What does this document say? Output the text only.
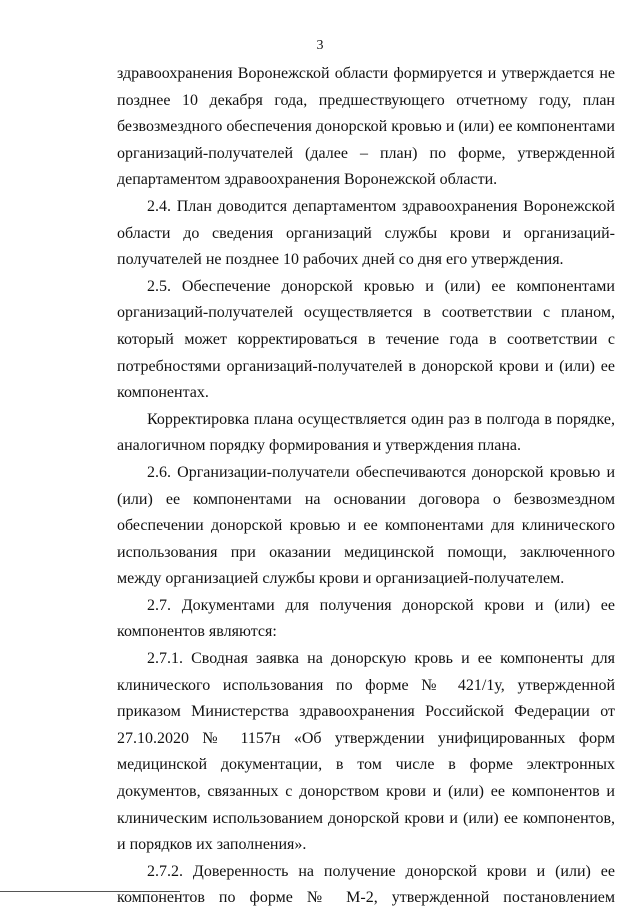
3

здравоохранения Воронежской области формируется и утверждается не позднее 10 декабря года, предшествующего отчетному году, план безвозмездного обеспечения донорской кровью и (или) ее компонентами организаций-получателей (далее – план) по форме, утвержденной департаментом здравоохранения Воронежской области.

2.4. План доводится департаментом здравоохранения Воронежской области до сведения организаций службы крови и организаций-получателей не позднее 10 рабочих дней со дня его утверждения.

2.5. Обеспечение донорской кровью и (или) ее компонентами организаций-получателей осуществляется в соответствии с планом, который может корректироваться в течение года в соответствии с потребностями организаций-получателей в донорской крови и (или) ее компонентах.

Корректировка плана осуществляется один раз в полгода в порядке, аналогичном порядку формирования и утверждения плана.

2.6. Организации-получатели обеспечиваются донорской кровью и (или) ее компонентами на основании договора о безвозмездном обеспечении донорской кровью и ее компонентами для клинического использования при оказании медицинской помощи, заключенного между организацией службы крови и организацией-получателем.

2.7. Документами для получения донорской крови и (или) ее компонентов являются:

2.7.1. Сводная заявка на донорскую кровь и ее компоненты для клинического использования по форме № 421/1у, утвержденной приказом Министерства здравоохранения Российской Федерации от 27.10.2020 № 1157н «Об утверждении унифицированных форм медицинской документации, в том числе в форме электронных документов, связанных с донорством крови и (или) ее компонентов и клиническим использованием донорской крови и (или) ее компонентов, и порядков их заполнения».

2.7.2. Доверенность на получение донорской крови и (или) ее компонентов по форме № М-2, утвержденной постановлением
